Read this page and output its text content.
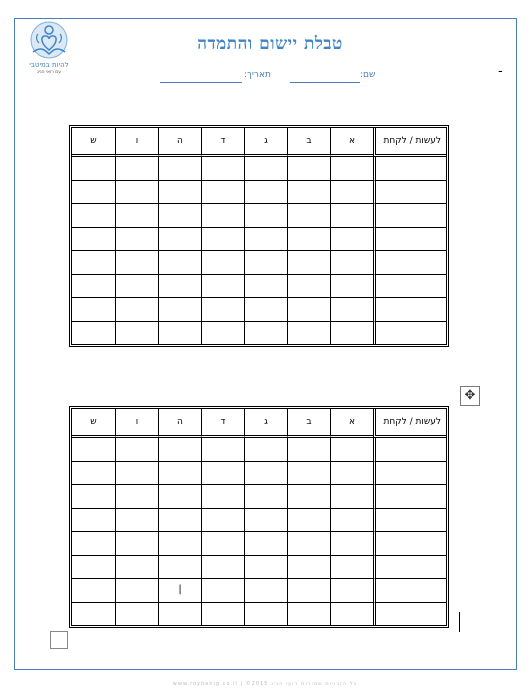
להיות במיטבי
עם רואי הניג
טבלת יישום והתמדה
שם:
תאריך:	-
לעשות / לקחת	א	ב	ג	ד	ה	ו	ש

לעשות / לקחת	א	ב	ג	ד	ה	ו	ש

					|		

✥
www.royhenig.co.il | ©2015 כל הזכויות שמורות רועי הניג
